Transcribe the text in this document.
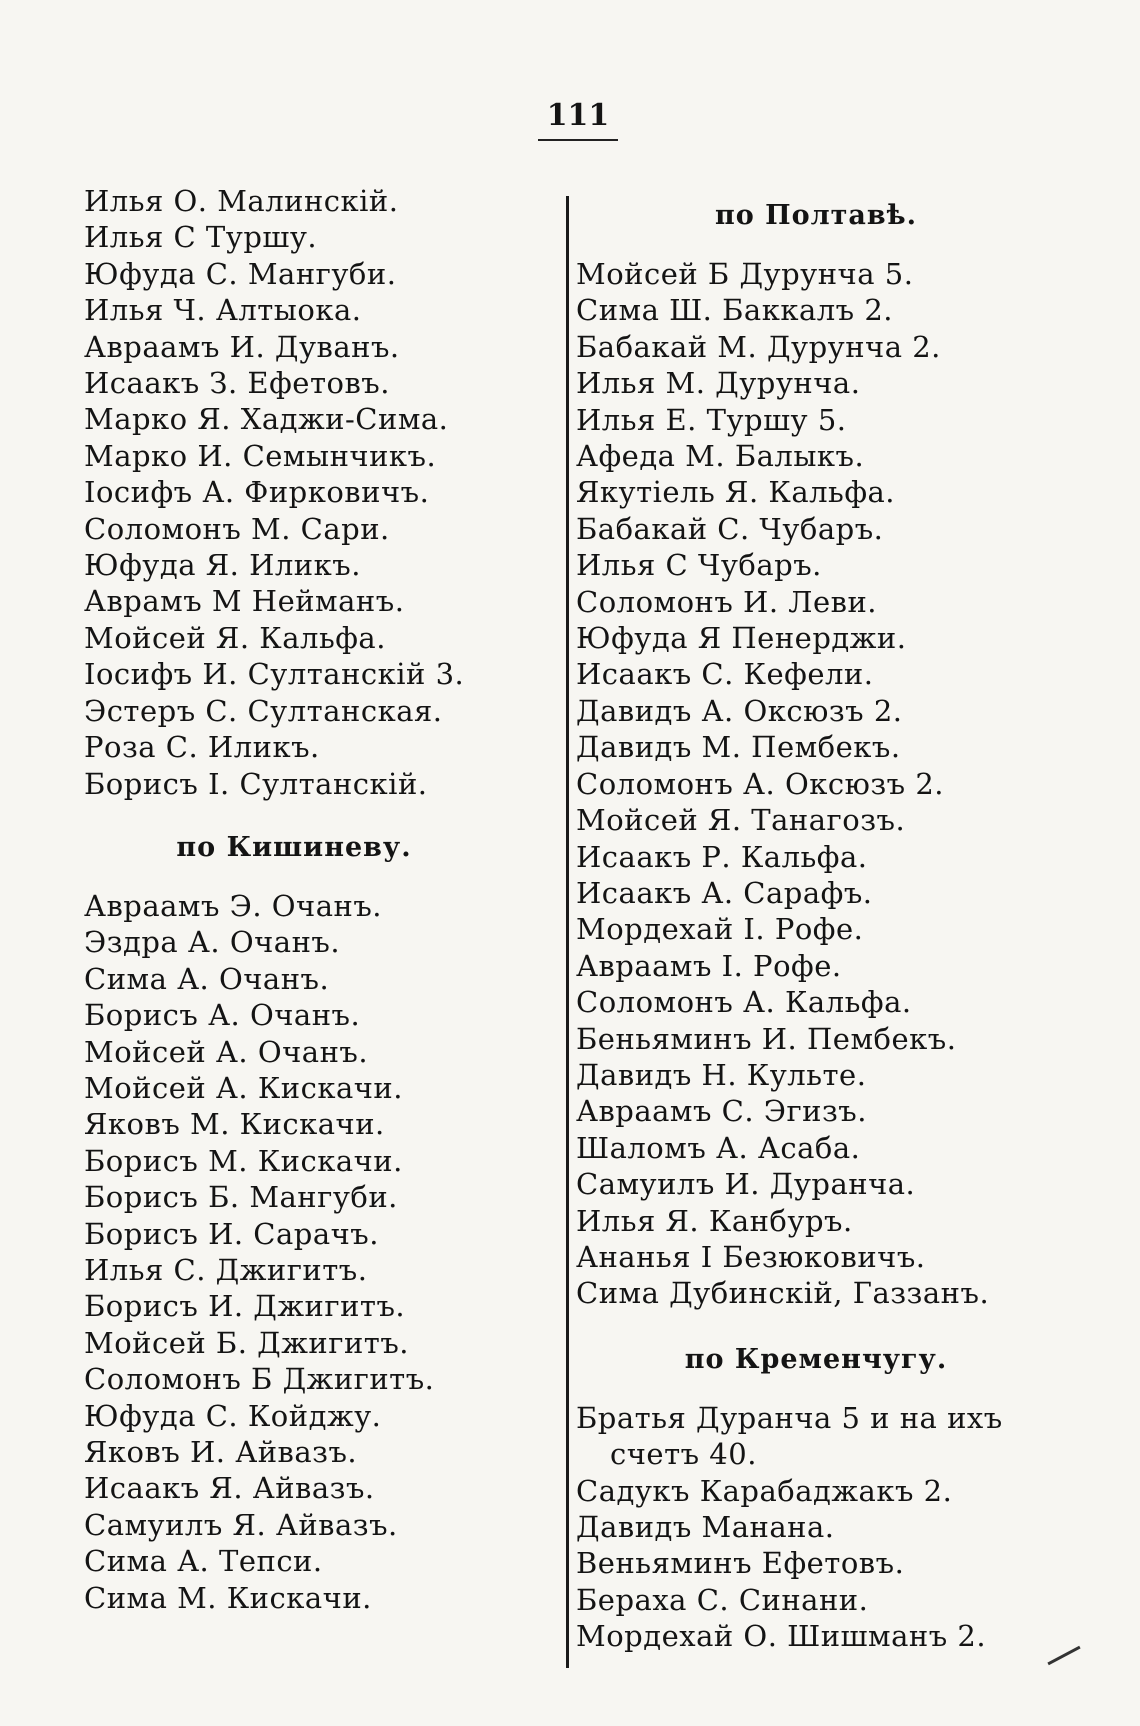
111
Илья О. Малинскій.
Илья С Туршу.
Юфуда С. Мангуби.
Илья Ч. Алтыока.
Авраамъ И. Дуванъ.
Исаакъ З. Ефетовъ.
Марко Я. Хаджи-Сима.
Марко И. Семынчикъ.
Іосифъ А. Фирковичъ.
Соломонъ М. Сари.
Юфуда Я. Иликъ.
Аврамъ М Нейманъ.
Мойсей Я. Кальфа.
Іосифъ И. Султанскій 3.
Эстеръ С. Султанская.
Роза С. Иликъ.
Борисъ І. Султанскій.
по Кишиневу.
Авраамъ Э. Очанъ.
Эздра А. Очанъ.
Сима А. Очанъ.
Борисъ А. Очанъ.
Мойсей А. Очанъ.
Мойсей А. Кискачи.
Яковъ М. Кискачи.
Борисъ М. Кискачи.
Борисъ Б. Мангуби.
Борисъ И. Сарачъ.
Илья С. Джигитъ.
Борисъ И. Джигитъ.
Мойсей Б. Джигитъ.
Соломонъ Б Джигитъ.
Юфуда С. Койджу.
Яковъ И. Айвазъ.
Исаакъ Я. Айвазъ.
Самуилъ Я. Айвазъ.
Сима А. Тепси.
Сима М. Кискачи.
по Полтавѣ.
Мойсей Б Дурунча 5.
Сима Ш. Баккалъ 2.
Бабакай М. Дурунча 2.
Илья М. Дурунча.
Илья Е. Туршу 5.
Афеда М. Балыкъ.
Якутіель Я. Кальфа.
Бабакай С. Чубаръ.
Илья С Чубаръ.
Соломонъ И. Леви.
Юфуда Я Пенерджи.
Исаакъ С. Кефели.
Давидъ А. Оксюзъ 2.
Давидъ М. Пембекъ.
Соломонъ А. Оксюзъ 2.
Мойсей Я. Танагозъ.
Исаакъ Р. Кальфа.
Исаакъ А. Сарафъ.
Мордехай І. Рофе.
Авраамъ І. Рофе.
Соломонъ А. Кальфа.
Беньяминъ И. Пембекъ.
Давидъ Н. Культе.
Авраамъ С. Эгизъ.
Шаломъ А. Асаба.
Самуилъ И. Дуранча.
Илья Я. Канбуръ.
Ананья І Безюковичъ.
Сима Дубинскій, Газзанъ.
по Кременчугу.
Братья Дуранча 5 и на ихъ
счетъ 40.
Садукъ Карабаджакъ 2.
Давидъ Манана.
Веньяминъ Ефетовъ.
Бераха С. Синани.
Мордехай О. Шишманъ 2.
